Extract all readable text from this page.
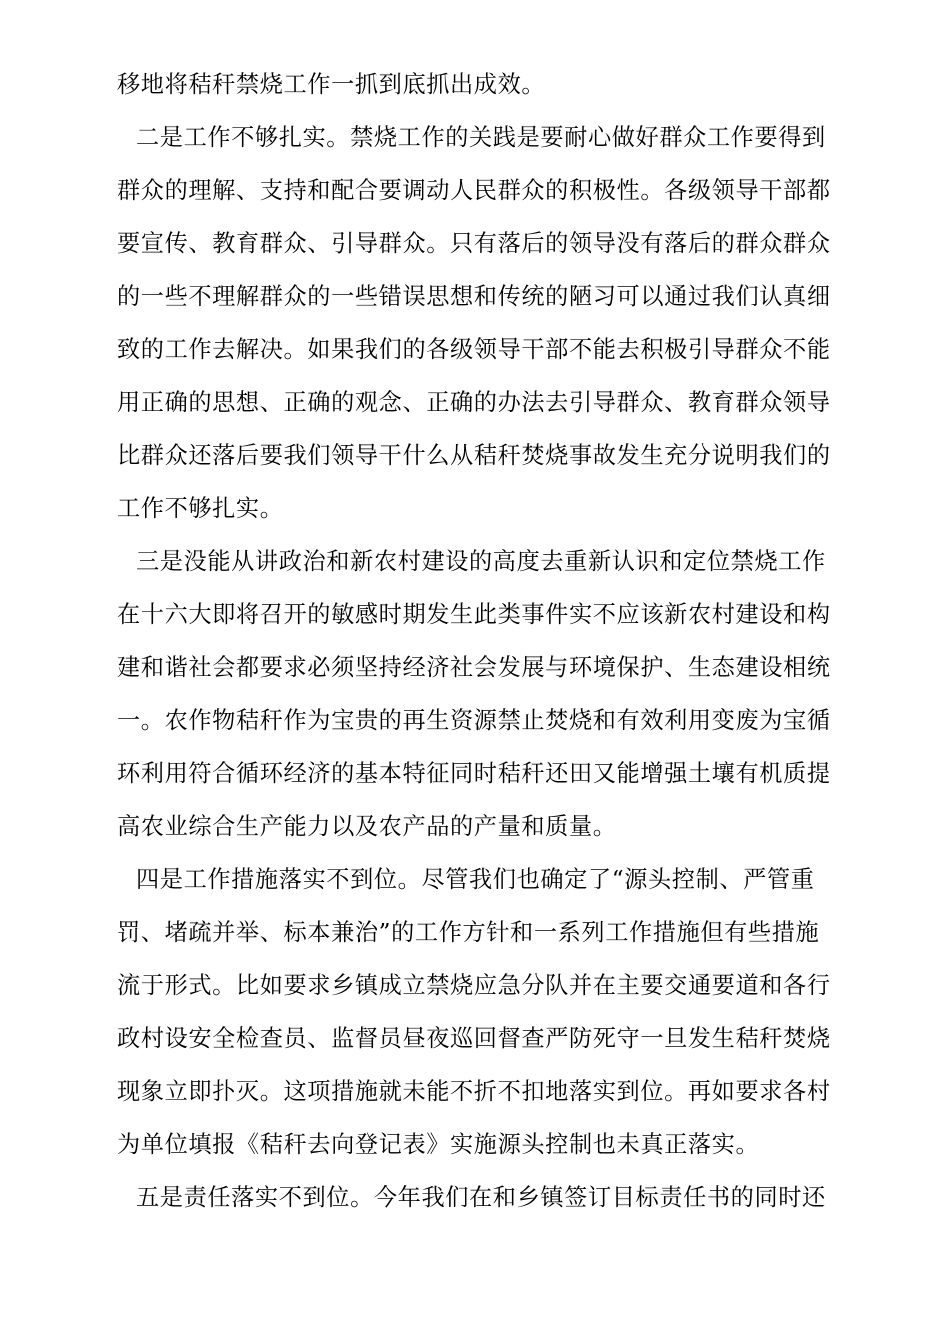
移地将秸秆禁烧工作一抓到底抓出成效。
二是工作不够扎实。禁烧工作的关践是要耐心做好群众工作要得到
群众的理解、支持和配合要调动人民群众的积极性。各级领导干部都
要宣传、教育群众、引导群众。只有落后的领导没有落后的群众群众
的一些不理解群众的一些错误思想和传统的陋习可以通过我们认真细
致的工作去解决。如果我们的各级领导干部不能去积极引导群众不能
用正确的思想、正确的观念、正确的办法去引导群众、教育群众领导
比群众还落后要我们领导干什么从秸秆焚烧事故发生充分说明我们的
工作不够扎实。
三是没能从讲政治和新农村建设的高度去重新认识和定位禁烧工作
在十六大即将召开的敏感时期发生此类事件实不应该新农村建设和构
建和谐社会都要求必须坚持经济社会发展与环境保护、生态建设相统
一。农作物秸秆作为宝贵的再生资源禁止焚烧和有效利用变废为宝循
环利用符合循环经济的基本特征同时秸秆还田又能增强土壤有机质提
高农业综合生产能力以及农产品的产量和质量。
四是工作措施落实不到位。尽管我们也确定了“源头控制、严管重
罚、堵疏并举、标本兼治”的工作方针和一系列工作措施但有些措施
流于形式。比如要求乡镇成立禁烧应急分队并在主要交通要道和各行
政村设安全检查员、监督员昼夜巡回督查严防死守一旦发生秸秆焚烧
现象立即扑灭。这项措施就未能不折不扣地落实到位。再如要求各村
为单位填报《秸秆去向登记表》实施源头控制也未真正落实。
五是责任落实不到位。今年我们在和乡镇签订目标责任书的同时还
